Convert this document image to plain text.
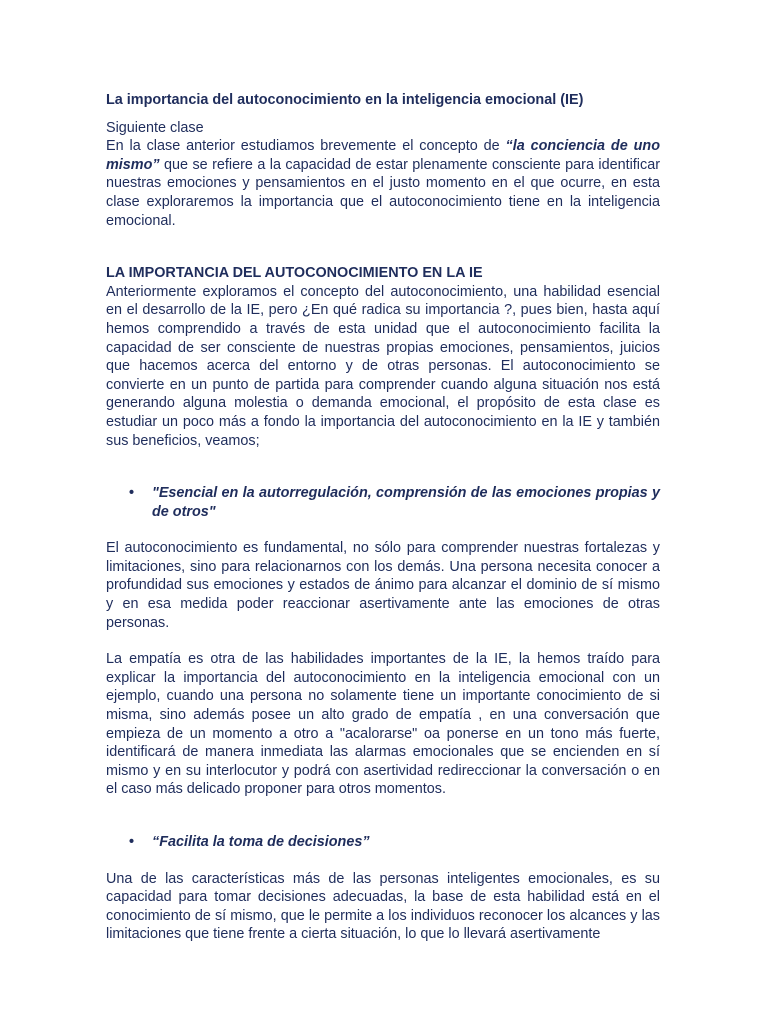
La importancia del autoconocimiento en la inteligencia emocional (IE)

Siguiente clase

En la clase anterior estudiamos brevemente el concepto de “la conciencia de uno mismo” que se refiere a la capacidad de estar plenamente consciente para identificar nuestras emociones y pensamientos en el justo momento en el que ocurre, en esta clase exploraremos la importancia que el autoconocimiento tiene en la inteligencia emocional.

LA IMPORTANCIA DEL AUTOCONOCIMIENTO EN LA IE

Anteriormente exploramos el concepto del autoconocimiento, una habilidad esencial en el desarrollo de la IE, pero ¿En qué radica su importancia ?, pues bien, hasta aquí hemos comprendido a través de esta unidad que el autoconocimiento facilita la capacidad de ser consciente de nuestras propias emociones, pensamientos, juicios que hacemos acerca del entorno y de otras personas. El autoconocimiento se convierte en un punto de partida para comprender cuando alguna situación nos está generando alguna molestia o demanda emocional, el propósito de esta clase es estudiar un poco más a fondo la importancia del autoconocimiento en la IE y también sus beneficios, veamos;

• "Esencial en la autorregulación, comprensión de las emociones propias y de otros"

El autoconocimiento es fundamental, no sólo para comprender nuestras fortalezas y limitaciones, sino para relacionarnos con los demás. Una persona necesita conocer a profundidad sus emociones y estados de ánimo para alcanzar el dominio de sí mismo y en esa medida poder reaccionar asertivamente ante las emociones de otras personas.

La empatía es otra de las habilidades importantes de la IE, la hemos traído para explicar la importancia del autoconocimiento en la inteligencia emocional con un ejemplo, cuando una persona no solamente tiene un importante conocimiento de si misma, sino además posee un alto grado de empatía , en una conversación que empieza de un momento a otro a "acalorarse" oa ponerse en un tono más fuerte, identificará de manera inmediata las alarmas emocionales que se encienden en sí mismo y en su interlocutor y podrá con asertividad redireccionar la conversación o en el caso más delicado proponer para otros momentos.

• “Facilita la toma de decisiones”

Una de las características más de las personas inteligentes emocionales, es su capacidad para tomar decisiones adecuadas, la base de esta habilidad está en el conocimiento de sí mismo, que le permite a los individuos reconocer los alcances y las limitaciones que tiene frente a cierta situación, lo que lo llevará asertivamente
